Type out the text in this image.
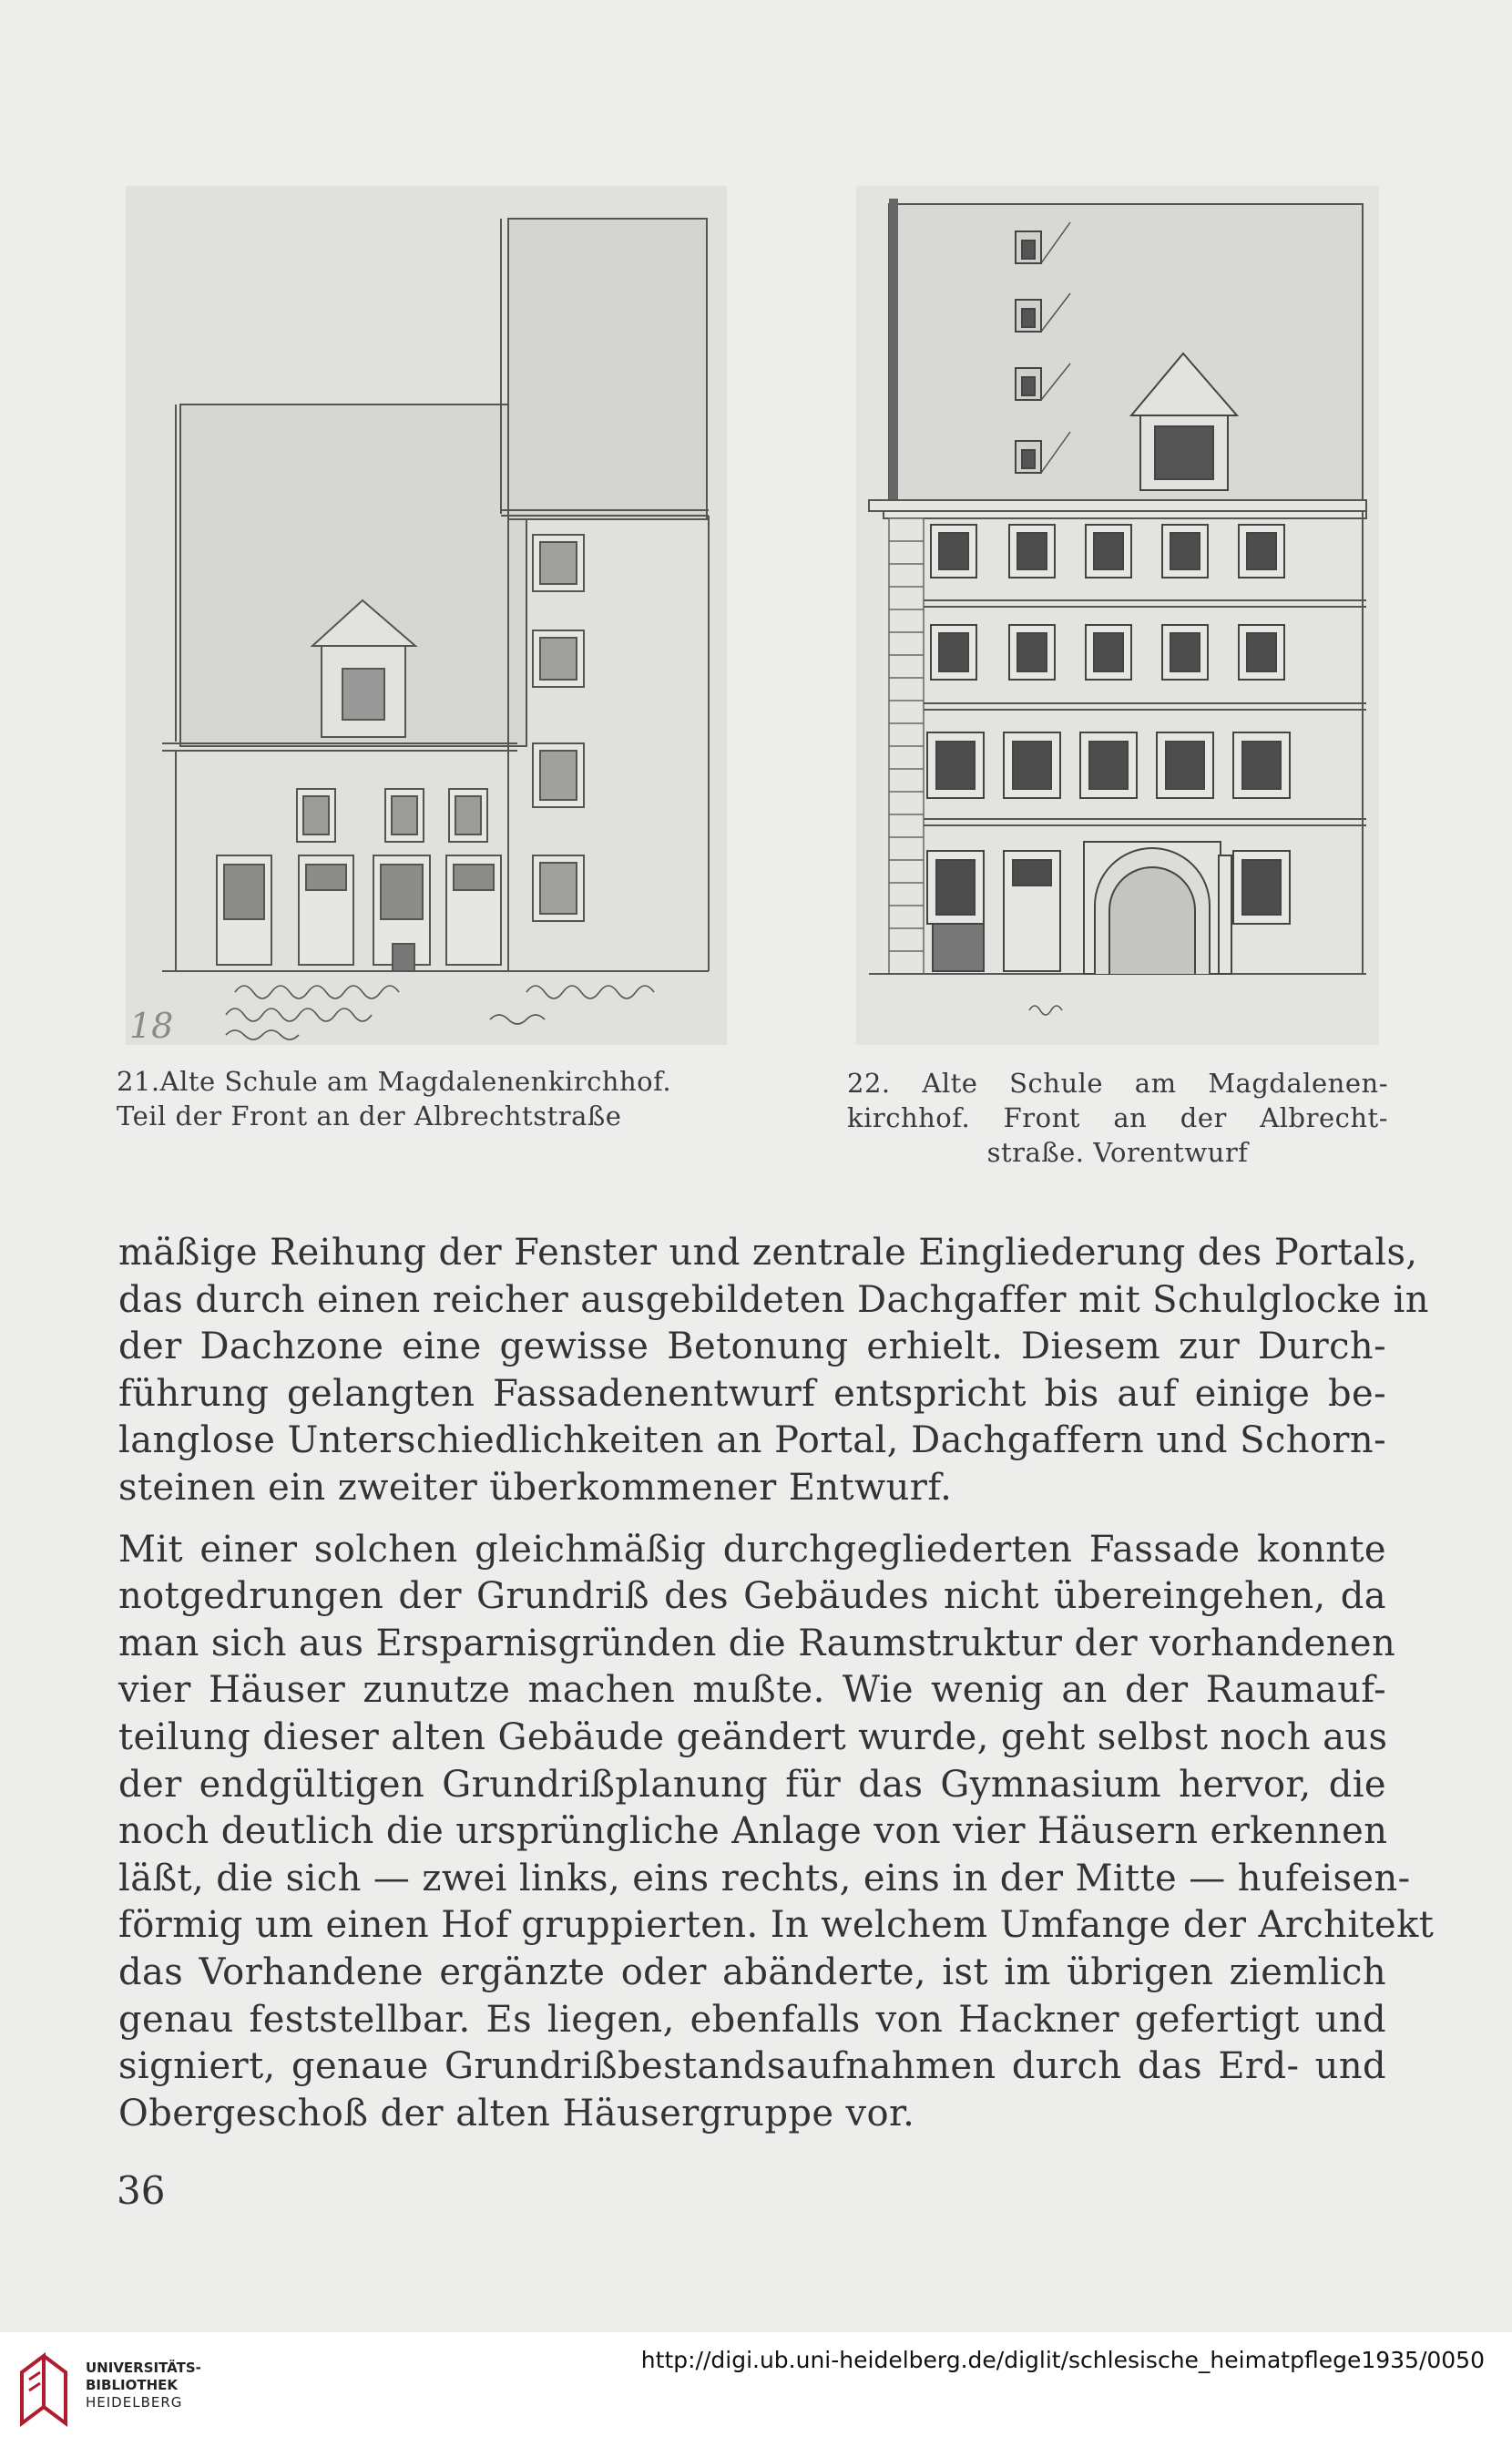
18
21.Alte Schule am Magdalenenkirchhof.
Teil der Front an der Albrechtstraße
22. Alte Schule am Magdalenen-
kirchhof. Front an der Albrecht-
straße. Vorentwurf
mäßige Reihung der Fenster und zentrale Eingliederung des Portals,
das durch einen reicher ausgebildeten Dachgaffer mit Schulglocke in
der Dachzone eine gewisse Betonung erhielt. Diesem zur Durch-
führung gelangten Fassadenentwurf entspricht bis auf einige be-
langlose Unterschiedlichkeiten an Portal, Dachgaffern und Schorn-
steinen ein zweiter überkommener Entwurf.
Mit einer solchen gleichmäßig durchgegliederten Fassade konnte
notgedrungen der Grundriß des Gebäudes nicht übereingehen, da
man sich aus Ersparnisgründen die Raumstruktur der vorhandenen
vier Häuser zunutze machen mußte. Wie wenig an der Raumauf-
teilung dieser alten Gebäude geändert wurde, geht selbst noch aus
der endgültigen Grundrißplanung für das Gymnasium hervor, die
noch deutlich die ursprüngliche Anlage von vier Häusern erkennen
läßt, die sich — zwei links, eins rechts, eins in der Mitte — hufeisen-
förmig um einen Hof gruppierten. In welchem Umfange der Architekt
das Vorhandene ergänzte oder abänderte, ist im übrigen ziemlich
genau feststellbar. Es liegen, ebenfalls von Hackner gefertigt und
signiert, genaue Grundrißbestandsaufnahmen durch das Erd- und
Obergeschoß der alten Häusergruppe vor.
36
UNIVERSITÄTS-
BIBLIOTHEK
HEIDELBERG
http://digi.ub.uni-heidelberg.de/diglit/schlesische_heimatpflege1935/0050
